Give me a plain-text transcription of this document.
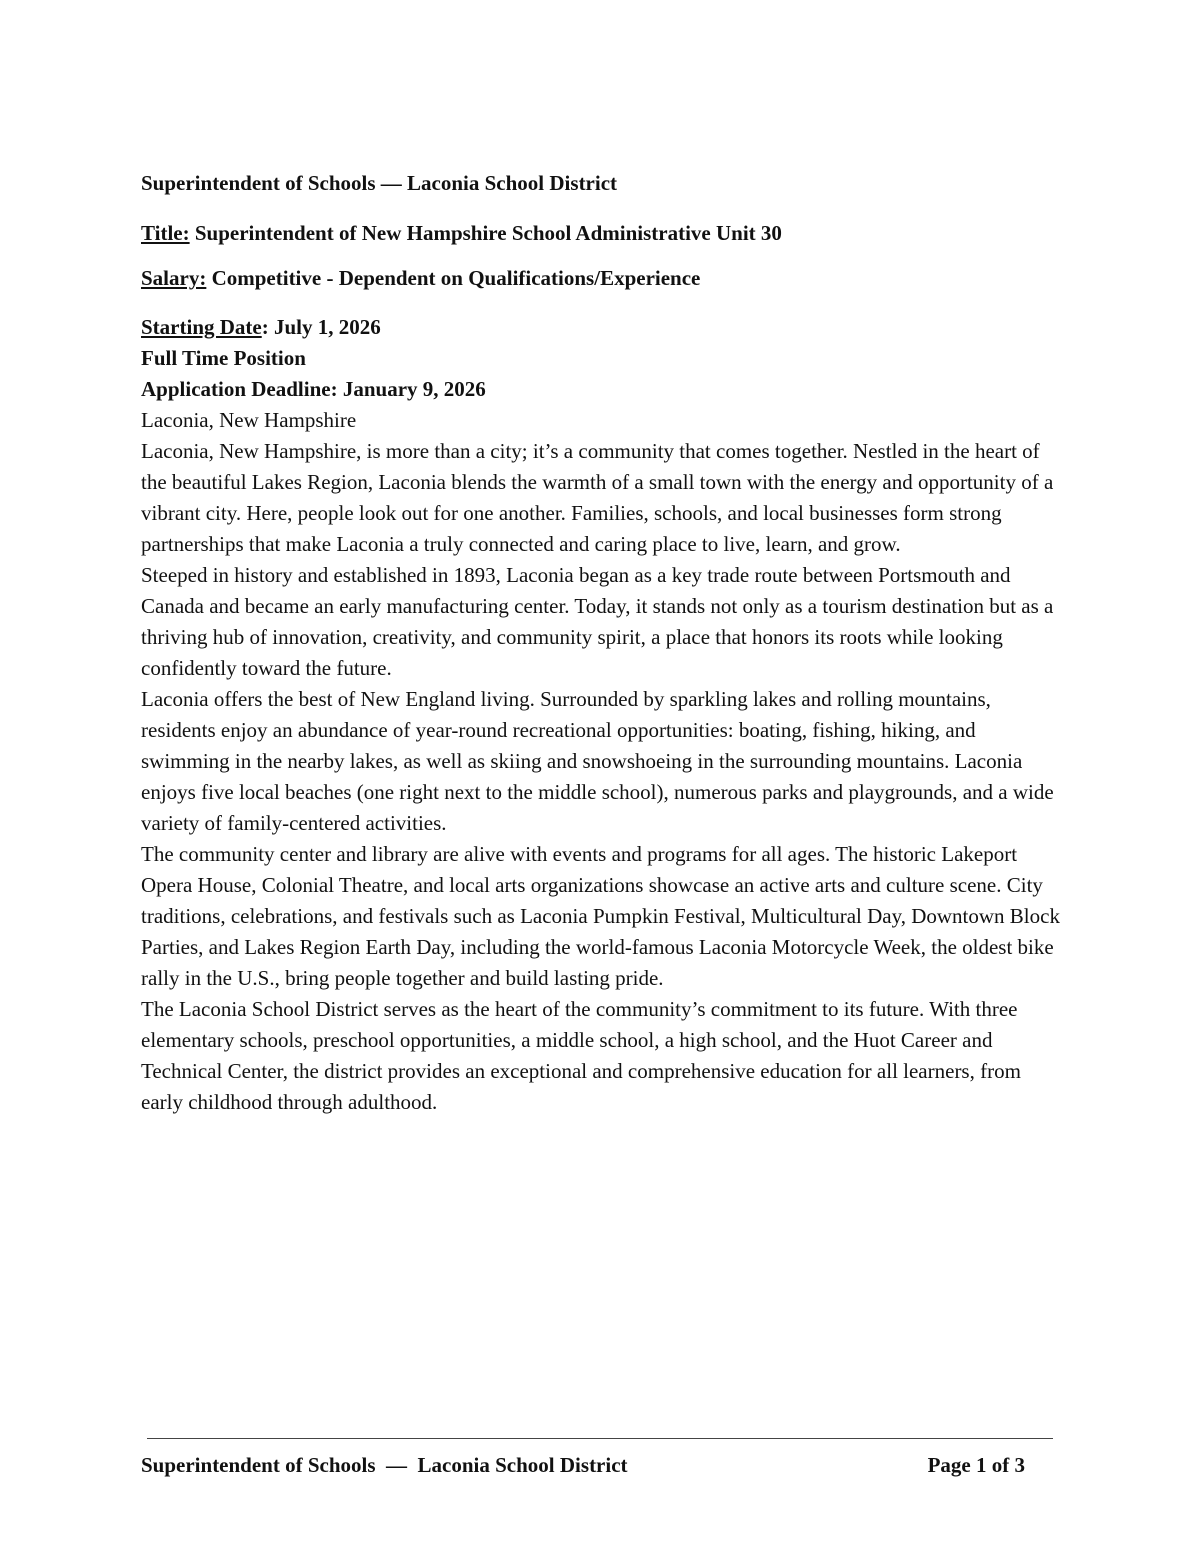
Superintendent of Schools — Laconia School District

Title: Superintendent of New Hampshire School Administrative Unit 30

Salary: Competitive - Dependent on Qualifications/Experience

Starting Date: July 1, 2026

Full Time Position

Application Deadline: January 9, 2026

Laconia, New Hampshire

Laconia, New Hampshire, is more than a city; it’s a community that comes together. Nestled in the heart of the beautiful Lakes Region, Laconia blends the warmth of a small town with the energy and opportunity of a vibrant city. Here, people look out for one another. Families, schools, and local businesses form strong partnerships that make Laconia a truly connected and caring place to live, learn, and grow.

Steeped in history and established in 1893, Laconia began as a key trade route between Portsmouth and Canada and became an early manufacturing center. Today, it stands not only as a tourism destination but as a thriving hub of innovation, creativity, and community spirit, a place that honors its roots while looking confidently toward the future.

Laconia offers the best of New England living. Surrounded by sparkling lakes and rolling mountains, residents enjoy an abundance of year-round recreational opportunities: boating, fishing, hiking, and swimming in the nearby lakes, as well as skiing and snowshoeing in the surrounding mountains. Laconia enjoys five local beaches (one right next to the middle school), numerous parks and playgrounds, and a wide variety of family-centered activities.

The community center and library are alive with events and programs for all ages. The historic Lakeport Opera House, Colonial Theatre, and local arts organizations showcase an active arts and culture scene. City traditions, celebrations, and festivals such as Laconia Pumpkin Festival, Multicultural Day, Downtown Block Parties, and Lakes Region Earth Day, including the world-famous Laconia Motorcycle Week, the oldest bike rally in the U.S., bring people together and build lasting pride.

The Laconia School District serves as the heart of the community’s commitment to its future. With three elementary schools, preschool opportunities, a middle school, a high school, and the Huot Career and Technical Center, the district provides an exceptional and comprehensive education for all learners, from early childhood through adulthood.

Superintendent of Schools  —  Laconia School District	Page 1 of 3
